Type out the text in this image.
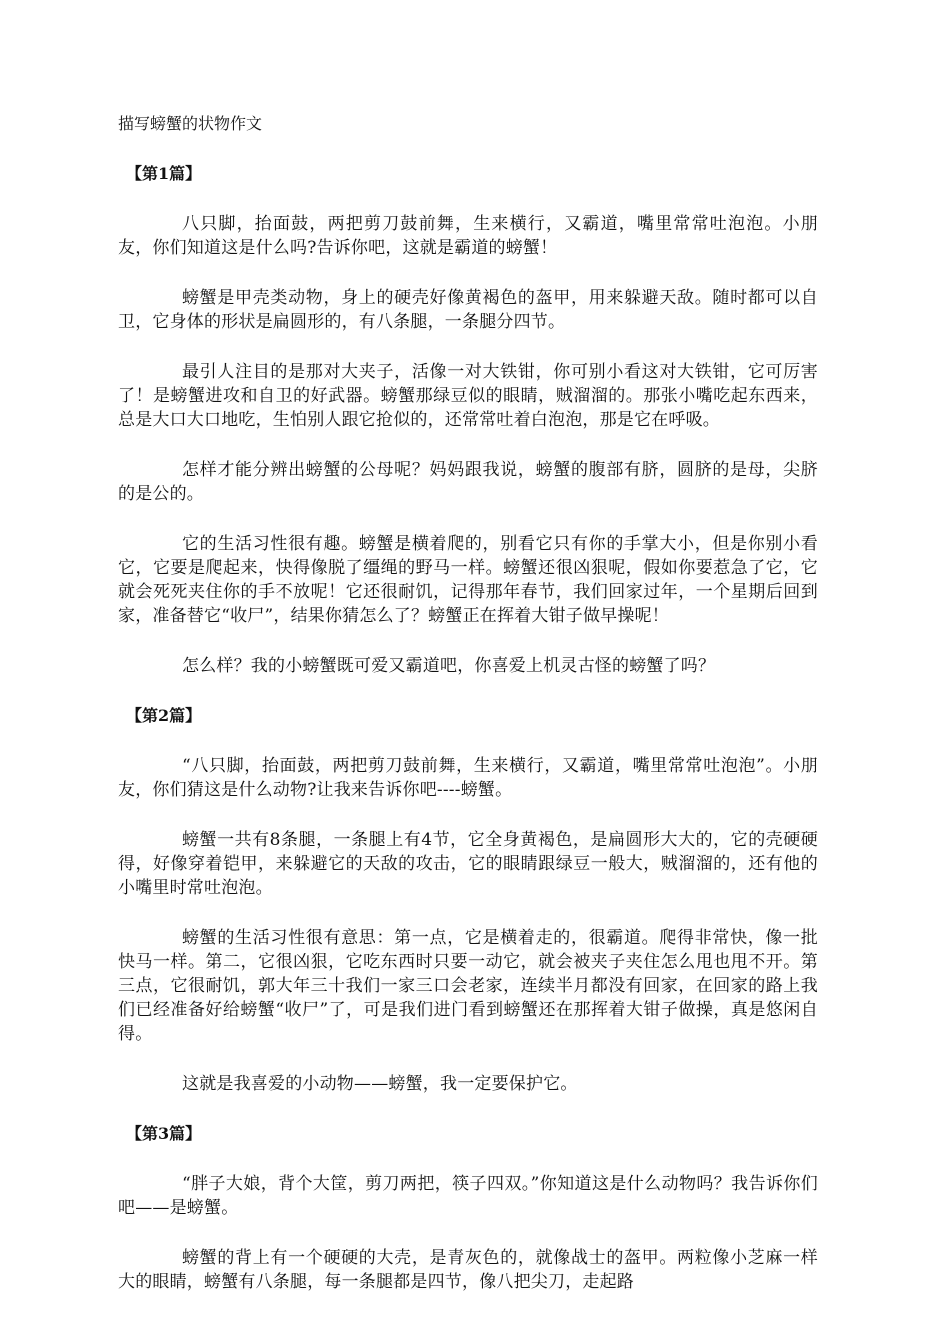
描写螃蟹的状物作文
【第1篇】

八只脚，抬面鼓，两把剪刀鼓前舞，生来横行，又霸道，嘴里常常吐泡泡。小朋友，你们知道这是什么吗?告诉你吧，这就是霸道的螃蟹！

螃蟹是甲壳类动物，身上的硬壳好像黄褐色的盔甲，用来躲避天敌。随时都可以自卫，它身体的形状是扁圆形的，有八条腿，一条腿分四节。

最引人注目的是那对大夹子，活像一对大铁钳，你可别小看这对大铁钳，它可厉害了！是螃蟹进攻和自卫的好武器。螃蟹那绿豆似的眼睛，贼溜溜的。那张小嘴吃起东西来，总是大口大口地吃，生怕别人跟它抢似的，还常常吐着白泡泡，那是它在呼吸。

怎样才能分辨出螃蟹的公母呢？妈妈跟我说，螃蟹的腹部有脐，圆脐的是母，尖脐的是公的。

它的生活习性很有趣。螃蟹是横着爬的，别看它只有你的手掌大小，但是你别小看它，它要是爬起来，快得像脱了缰绳的野马一样。螃蟹还很凶狠呢，假如你要惹急了它，它就会死死夹住你的手不放呢！它还很耐饥，记得那年春节，我们回家过年，一个星期后回到家，准备替它“收尸”，结果你猜怎么了？螃蟹正在挥着大钳子做早操呢！

怎么样？我的小螃蟹既可爱又霸道吧，你喜爱上机灵古怪的螃蟹了吗？

【第2篇】

“八只脚，抬面鼓，两把剪刀鼓前舞，生来横行，又霸道，嘴里常常吐泡泡”。小朋友，你们猜这是什么动物?让我来告诉你吧----螃蟹。

螃蟹一共有8条腿，一条腿上有4节，它全身黄褐色，是扁圆形大大的，它的壳硬硬得，好像穿着铠甲，来躲避它的天敌的攻击，它的眼睛跟绿豆一般大，贼溜溜的，还有他的小嘴里时常吐泡泡。

螃蟹的生活习性很有意思：第一点，它是横着走的，很霸道。爬得非常快，像一批快马一样。第二，它很凶狠，它吃东西时只要一动它，就会被夹子夹住怎么甩也甩不开。第三点，它很耐饥，郭大年三十我们一家三口会老家，连续半月都没有回家，在回家的路上我们已经准备好给螃蟹“收尸”了，可是我们进门看到螃蟹还在那挥着大钳子做操，真是悠闲自得。

这就是我喜爱的小动物——螃蟹，我一定要保护它。

【第3篇】

“胖子大娘，背个大筐，剪刀两把，筷子四双。”你知道这是什么动物吗？我告诉你们吧——是螃蟹。

螃蟹的背上有一个硬硬的大壳，是青灰色的，就像战士的盔甲。两粒像小芝麻一样大的眼睛，螃蟹有八条腿，每一条腿都是四节，像八把尖刀，走起路
